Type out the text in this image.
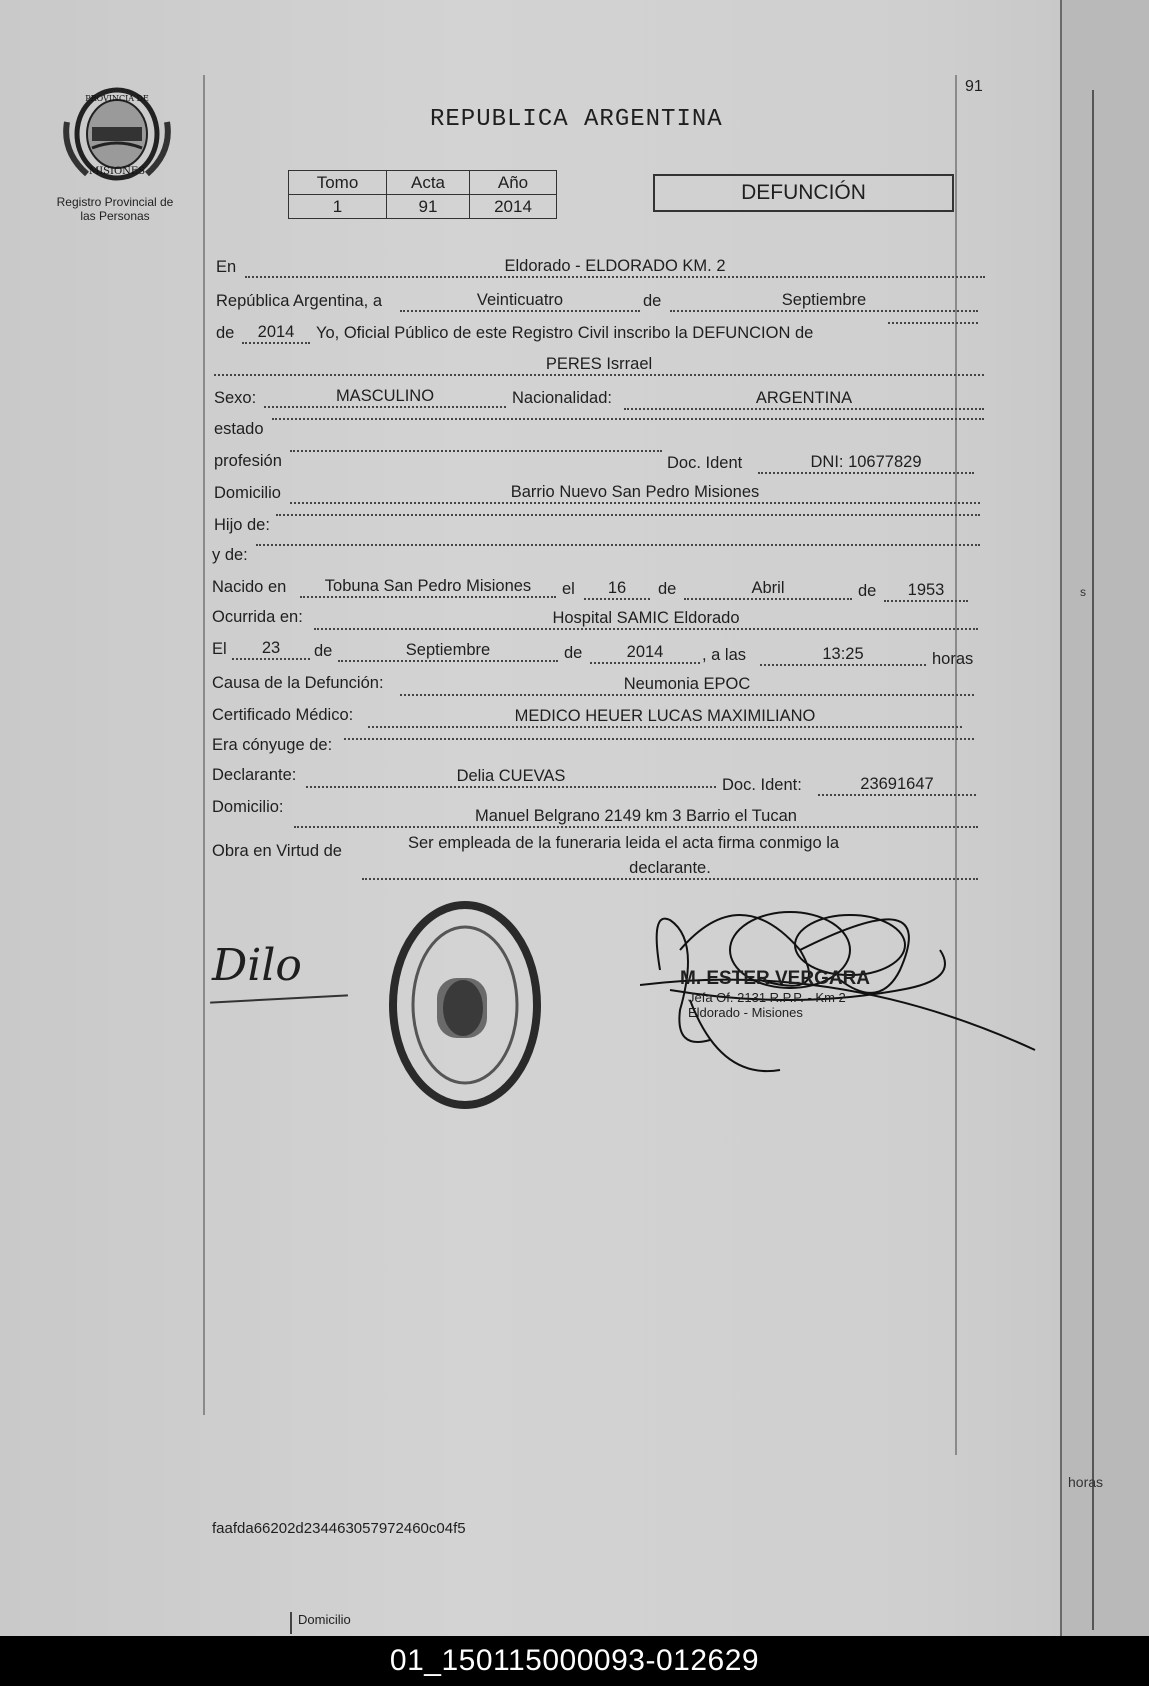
PROVINCIA DE
MISIONES
Registro Provincial de
las Personas
91
REPUBLICA ARGENTINA
Tomo	Acta	Año
1	91	2014
DEFUNCIÓN
En	Eldorado - ELDORADO KM. 2
República Argentina, a	Veinticuatro	de	Septiembre
de	2014	Yo, Oficial Público de este Registro Civil inscribo la DEFUNCION de
PERES Isrrael
Sexo:	MASCULINO	Nacionalidad:	ARGENTINA
estado
profesión	Doc. Ident	DNI: 10677829
Domicilio	Barrio Nuevo San Pedro Misiones
Hijo de:
y de:
Nacido en	Tobuna San Pedro Misiones	el	16	de	Abril	de	1953
Ocurrida en:	Hospital SAMIC Eldorado
El	23	de	Septiembre	de	2014	, a las	13:25	horas
Causa de la Defunción:	Neumonia EPOC
Certificado Médico:	MEDICO HEUER LUCAS MAXIMILIANO
Era cónyuge de:
Declarante:	Delia CUEVAS	Doc. Ident:	23691647
Domicilio:	Manuel Belgrano 2149 km 3 Barrio el Tucan
Obra en Virtud de	Ser empleada de la funeraria leida el acta firma conmigo la
declarante.
Dilo	M. ESTER VERGARA
Jefa Of. 2131 R.P.P. - Km 2
Eldorado - Misiones
faafda66202d234463057972460c04f5
Domicilio
horas
s
01_150115000093-012629
